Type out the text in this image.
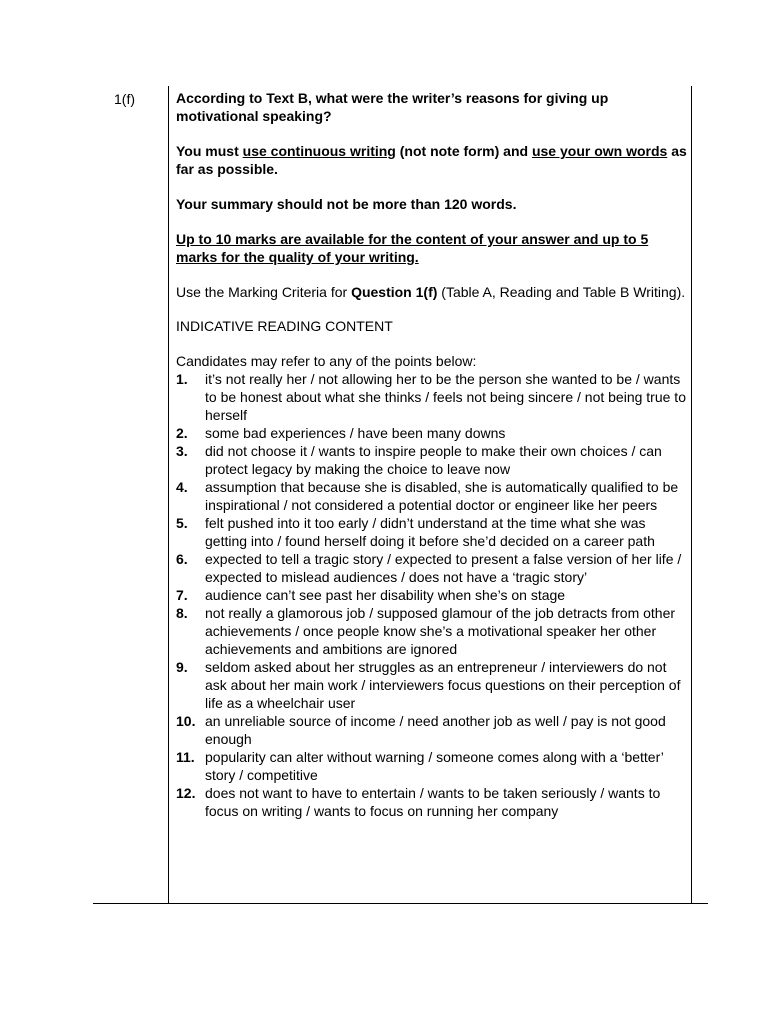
1(f)	According to Text B, what were the writer’s reasons for giving up motivational speaking?

You must use continuous writing (not note form) and use your own words as far as possible.

Your summary should not be more than 120 words.

Up to 10 marks are available for the content of your answer and up to 5 marks for the quality of your writing.

Use the Marking Criteria for Question 1(f) (Table A, Reading and Table B Writing).

INDICATIVE READING CONTENT

Candidates may refer to any of the points below:

1. it’s not really her / not allowing her to be the person she wanted to be / wants to be honest about what she thinks / feels not being sincere / not being true to herself
2. some bad experiences / have been many downs
3. did not choose it / wants to inspire people to make their own choices / can protect legacy by making the choice to leave now
4. assumption that because she is disabled, she is automatically qualified to be inspirational / not considered a potential doctor or engineer like her peers
5. felt pushed into it too early / didn’t understand at the time what she was getting into / found herself doing it before she’d decided on a career path
6. expected to tell a tragic story / expected to present a false version of her life / expected to mislead audiences / does not have a ‘tragic story’
7. audience can’t see past her disability when she’s on stage
8. not really a glamorous job / supposed glamour of the job detracts from other achievements / once people know she’s a motivational speaker her other achievements and ambitions are ignored
9. seldom asked about her struggles as an entrepreneur / interviewers do not ask about her main work / interviewers focus questions on their perception of life as a wheelchair user
10. an unreliable source of income / need another job as well / pay is not good enough
11. popularity can alter without warning / someone comes along with a ‘better’ story / competitive
12. does not want to have to entertain / wants to be taken seriously / wants to focus on writing / wants to focus on running her company
